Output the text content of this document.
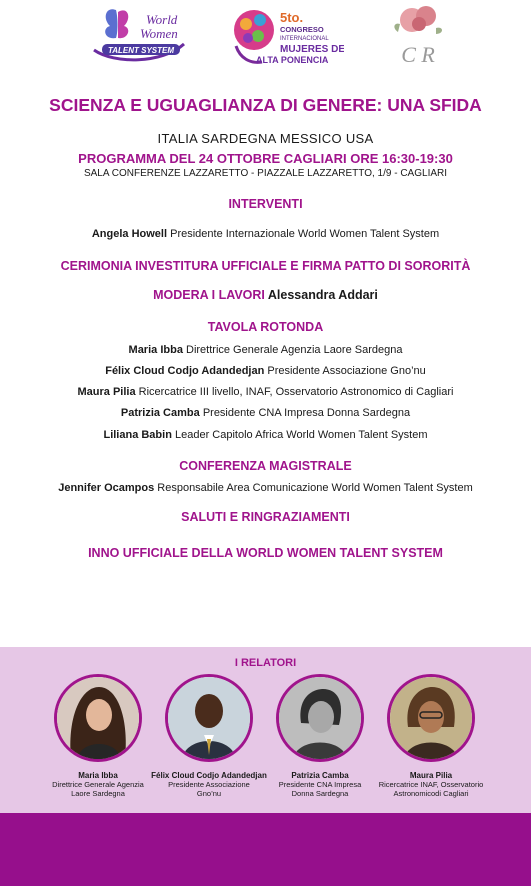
World
Women
TALENT SYSTEM
5to.
CONGRESO
INTERNACIONAL
MUJERES DE
ALTA PONENCIA	C R
SCIENZA E UGUAGLIANZA DI GENERE: UNA SFIDA
ITALIA SARDEGNA MESSICO USA
PROGRAMMA DEL 24 OTTOBRE CAGLIARI ORE 16:30-19:30
SALA CONFERENZE LAZZARETTO - PIAZZALE LAZZARETTO, 1/9 - CAGLIARI
INTERVENTI
Angela Howell Presidente Internazionale World Women Talent System
CERIMONIA INVESTITURA UFFICIALE E FIRMA PATTO DI SORORITÀ
MODERA I LAVORI Alessandra Addari
TAVOLA ROTONDA
Maria Ibba Direttrice Generale Agenzia Laore Sardegna
Félix Cloud Codjo Adandedjan Presidente Associazione Gno’nu
Maura Pilia Ricercatrice III livello, INAF, Osservatorio Astronomico di Cagliari
Patrizia Camba Presidente CNA Impresa Donna Sardegna
Liliana Babin Leader Capitolo Africa World Women Talent System
CONFERENZA MAGISTRALE
Jennifer Ocampos Responsabile Area Comunicazione World Women Talent System
SALUTI E RINGRAZIAMENTI
INNO UFFICIALE DELLA WORLD WOMEN TALENT SYSTEM
I RELATORI
Maria Ibba
Direttrice Generale Agenzia
Laore Sardegna
Félix Cloud Codjo Adandedjan
Presidente Associazione
Gno’nu
Patrizia Camba
Presidente CNA Impresa
Donna Sardegna
Maura Pilia
Ricercatrice INAF, Osservatorio
Astronomicodi Cagliari
